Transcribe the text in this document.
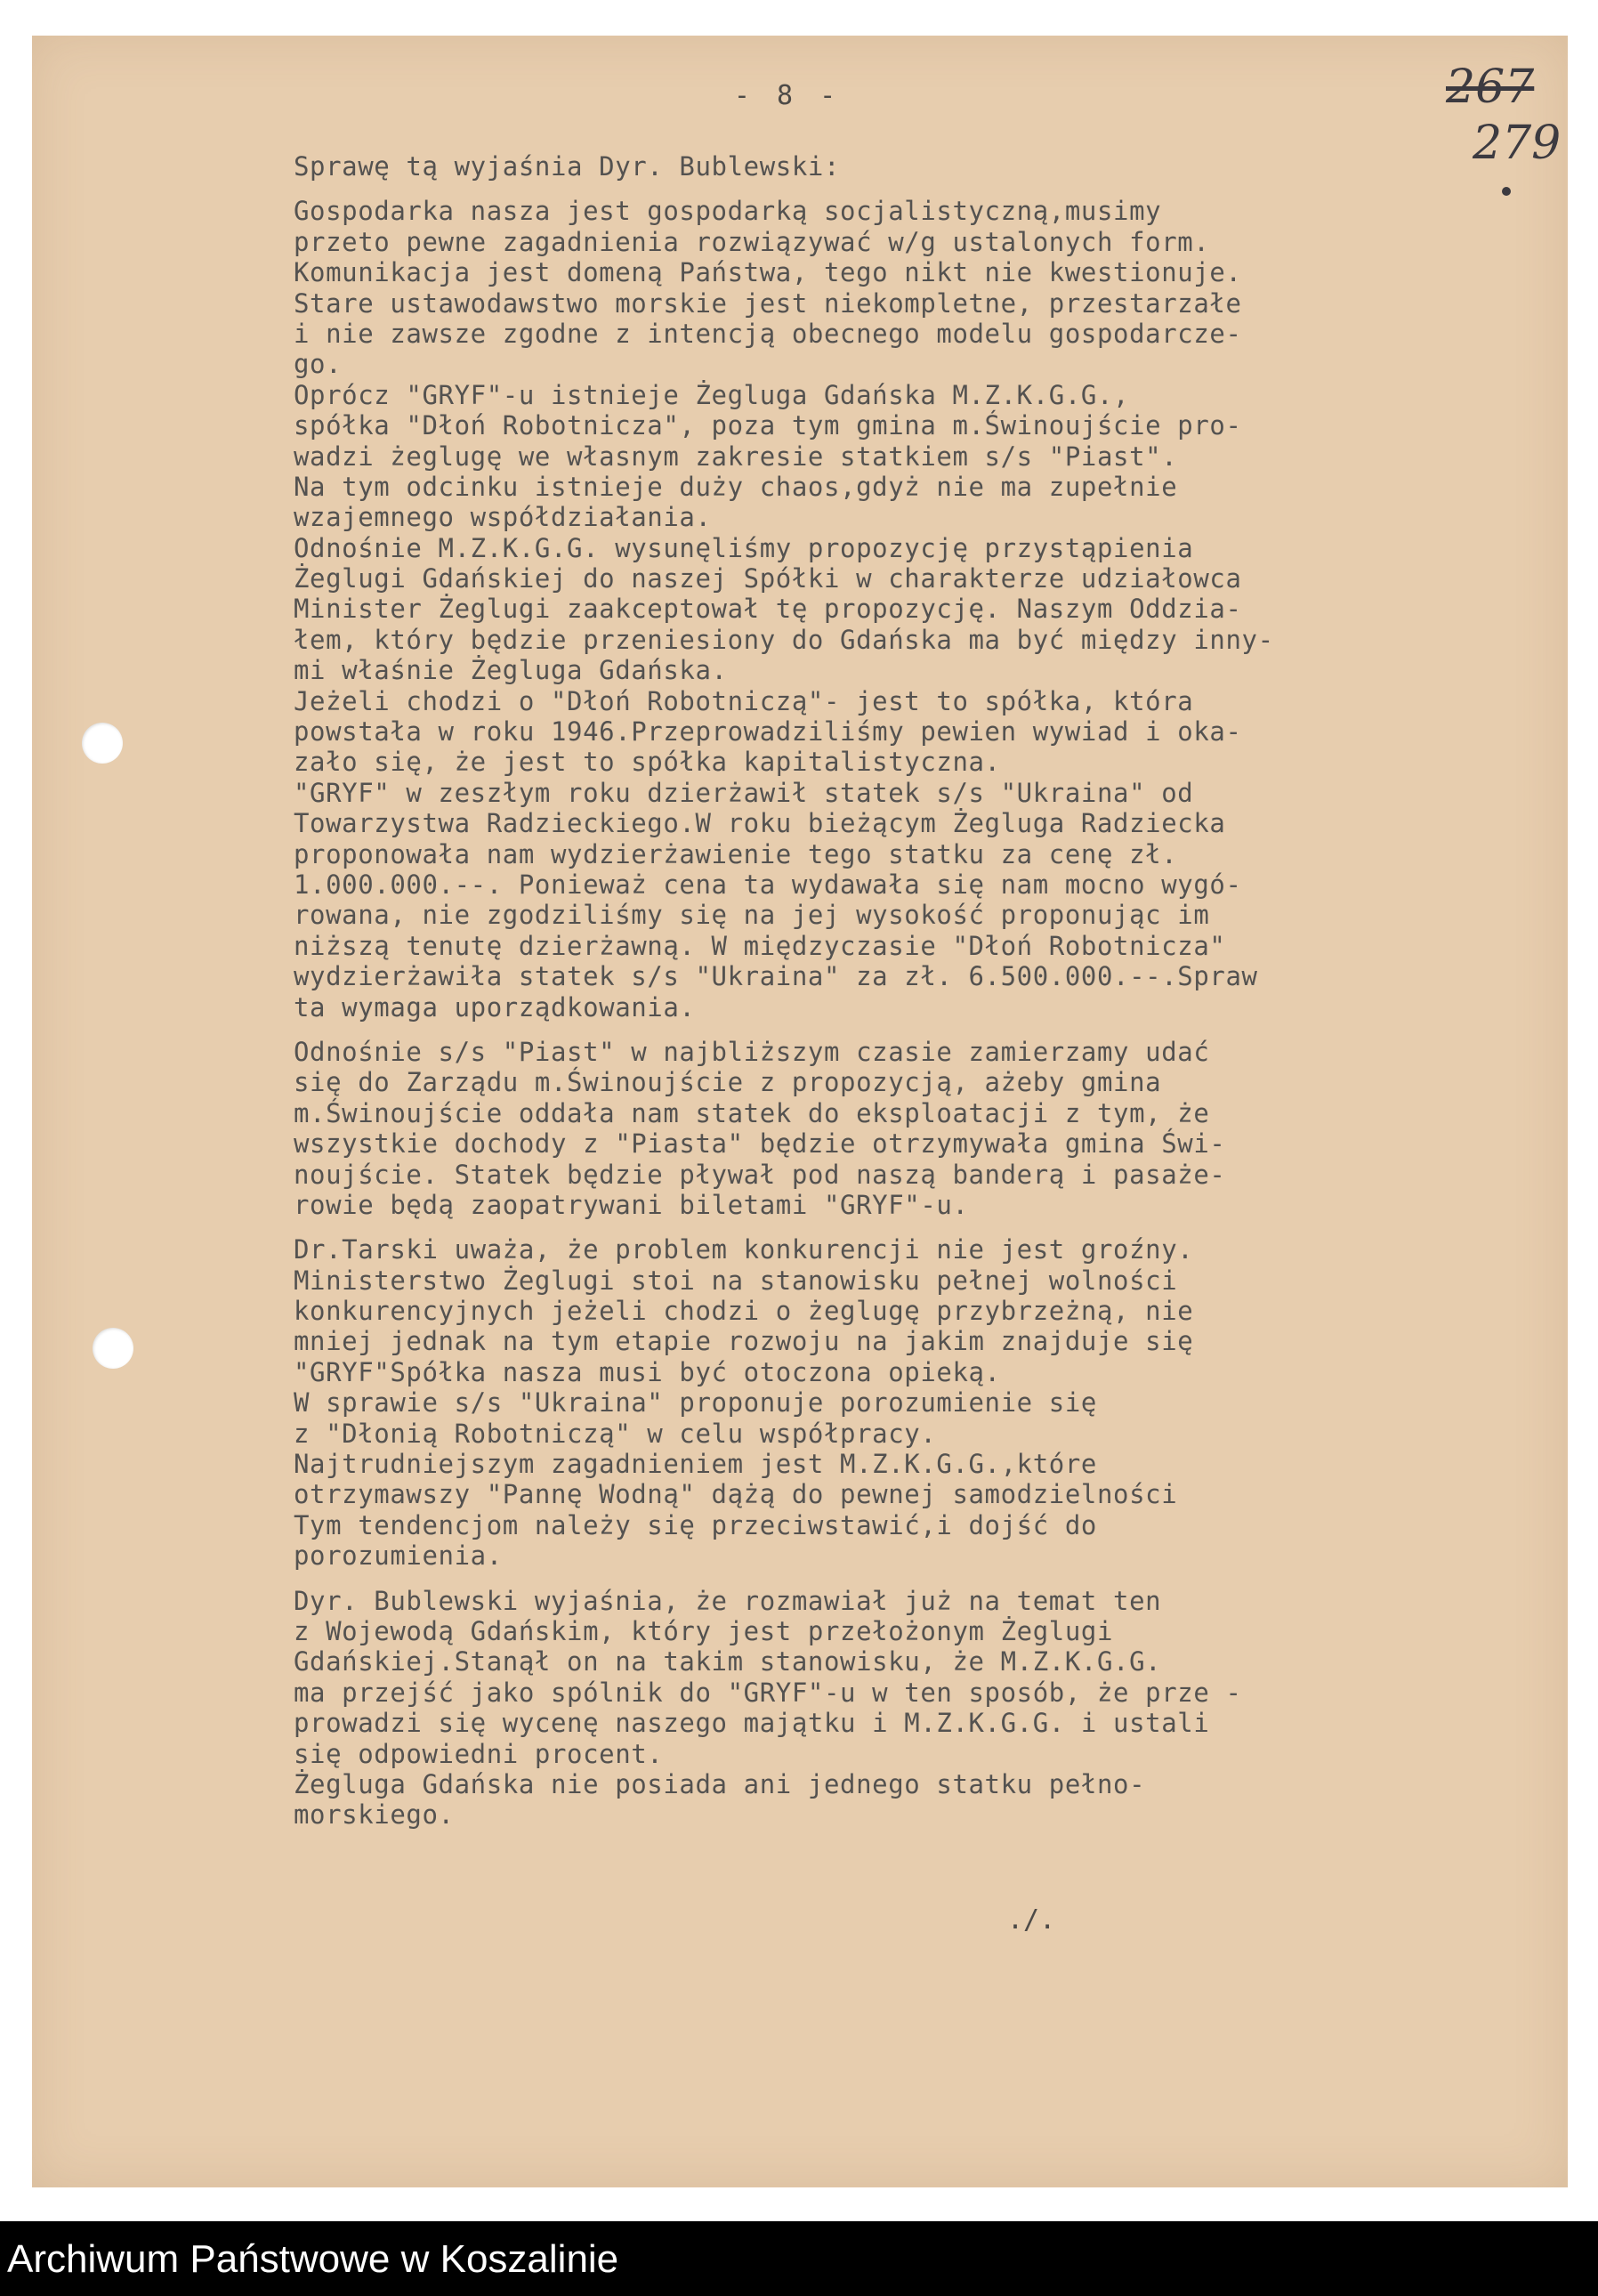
- 8 -	267
279
Sprawę tą wyjaśnia Dyr. Bublewski:
Gospodarka nasza jest gospodarką socjalistyczną,musimy
przeto pewne zagadnienia rozwiązywać w/g ustalonych form.
Komunikacja jest domeną Państwa, tego nikt nie kwestionuje.
Stare ustawodawstwo morskie jest niekompletne, przestarzałe
i nie zawsze zgodne z intencją obecnego modelu gospodarcze-
go.
Oprócz "GRYF"-u istnieje Żegluga Gdańska M.Z.K.G.G.,
spółka "Dłoń Robotnicza", poza tym gmina m.Świnoujście pro-
wadzi żeglugę we własnym zakresie statkiem s/s "Piast".
Na tym odcinku istnieje duży chaos,gdyż nie ma zupełnie
wzajemnego współdziałania.
Odnośnie M.Z.K.G.G. wysunęliśmy propozycję przystąpienia
Żeglugi Gdańskiej do naszej Spółki w charakterze udziałowca
Minister Żeglugi zaakceptował tę propozycję. Naszym Oddzia-
łem, który będzie przeniesiony do Gdańska ma być między inny-
mi właśnie Żegluga Gdańska.
Jeżeli chodzi o "Dłoń Robotniczą"- jest to spółka, która
powstała w roku 1946.Przeprowadziliśmy pewien wywiad i oka-
zało się, że jest to spółka kapitalistyczna.
"GRYF" w zeszłym roku dzierżawił statek s/s "Ukraina" od
Towarzystwa Radzieckiego.W roku bieżącym Żegluga Radziecka
proponowała nam wydzierżawienie tego statku za cenę zł.
1.000.000.--. Ponieważ cena ta wydawała się nam mocno wygó-
rowana, nie zgodziliśmy się na jej wysokość proponując im
niższą tenutę dzierżawną. W międzyczasie "Dłoń Robotnicza"
wydzierżawiła statek s/s "Ukraina" za zł. 6.500.000.--.Spraw
ta wymaga uporządkowania.
Odnośnie s/s "Piast" w najbliższym czasie zamierzamy udać
się do Zarządu m.Świnoujście z propozycją, ażeby gmina
m.Świnoujście oddała nam statek do eksploatacji z tym, że
wszystkie dochody z "Piasta" będzie otrzymywała gmina Świ-
noujście. Statek będzie pływał pod naszą banderą i pasaże-
rowie będą zaopatrywani biletami "GRYF"-u.
Dr.Tarski uważa, że problem konkurencji nie jest groźny.
Ministerstwo Żeglugi stoi na stanowisku pełnej wolności
konkurencyjnych jeżeli chodzi o żeglugę przybrzeżną, nie
mniej jednak na tym etapie rozwoju na jakim znajduje się
"GRYF"Spółka nasza musi być otoczona opieką.
W sprawie s/s "Ukraina" proponuje porozumienie się
z "Dłonią Robotniczą" w celu współpracy.
Najtrudniejszym zagadnieniem jest M.Z.K.G.G.,które
otrzymawszy "Pannę Wodną" dążą do pewnej samodzielności
Tym tendencjom należy się przeciwstawić,i dojść do
porozumienia.
Dyr. Bublewski wyjaśnia, że rozmawiał już na temat ten
z Wojewodą Gdańskim, który jest przełożonym Żeglugi
Gdańskiej.Stanął on na takim stanowisku, że M.Z.K.G.G.
ma przejść jako spólnik do "GRYF"-u w ten sposób, że prze -
prowadzi się wycenę naszego majątku i M.Z.K.G.G. i ustali
się odpowiedni procent.
Żegluga Gdańska nie posiada ani jednego statku pełno-
morskiego.
./.
Archiwum Państwowe w Koszalinie
